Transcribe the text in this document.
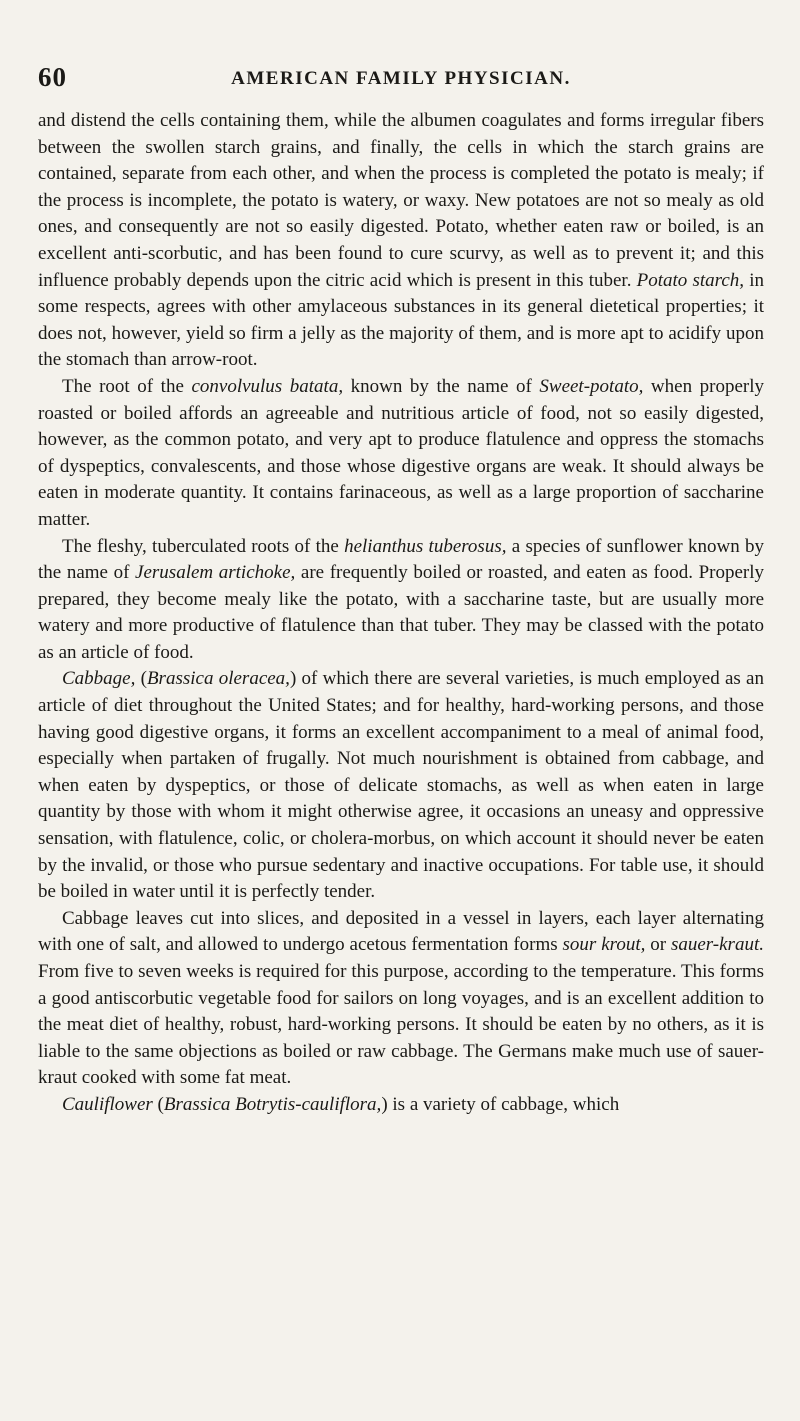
60	AMERICAN FAMILY PHYSICIAN.

and distend the cells containing them, while the albumen coagulates and forms irregular fibers between the swollen starch grains, and finally, the cells in which the starch grains are contained, separate from each other, and when the process is completed the potato is mealy; if the process is incomplete, the potato is watery, or waxy. New potatoes are not so mealy as old ones, and consequently are not so easily digested. Potato, whether eaten raw or boiled, is an excellent anti-scorbutic, and has been found to cure scurvy, as well as to prevent it; and this influence probably depends upon the citric acid which is present in this tuber. Potato starch, in some respects, agrees with other amylaceous substances in its general dietetical properties; it does not, however, yield so firm a jelly as the majority of them, and is more apt to acidify upon the stomach than arrow-root.

The root of the convolvulus batata, known by the name of Sweet-potato, when properly roasted or boiled affords an agreeable and nutritious article of food, not so easily digested, however, as the common potato, and very apt to produce flatulence and oppress the stomachs of dyspeptics, convalescents, and those whose digestive organs are weak. It should always be eaten in moderate quantity. It contains farinaceous, as well as a large proportion of saccharine matter.

The fleshy, tuberculated roots of the helianthus tuberosus, a species of sunflower known by the name of Jerusalem artichoke, are frequently boiled or roasted, and eaten as food. Properly prepared, they become mealy like the potato, with a saccharine taste, but are usually more watery and more productive of flatulence than that tuber. They may be classed with the potato as an article of food.

Cabbage, (Brassica oleracea,) of which there are several varieties, is much employed as an article of diet throughout the United States; and for healthy, hard-working persons, and those having good digestive organs, it forms an excellent accompaniment to a meal of animal food, especially when partaken of frugally. Not much nourishment is obtained from cabbage, and when eaten by dyspeptics, or those of delicate stomachs, as well as when eaten in large quantity by those with whom it might otherwise agree, it occasions an uneasy and oppressive sensation, with flatulence, colic, or cholera-morbus, on which account it should never be eaten by the invalid, or those who pursue sedentary and inactive occupations. For table use, it should be boiled in water until it is perfectly tender.

Cabbage leaves cut into slices, and deposited in a vessel in layers, each layer alternating with one of salt, and allowed to undergo acetous fermentation forms sour krout, or sauer-kraut. From five to seven weeks is required for this purpose, according to the temperature. This forms a good antiscorbutic vegetable food for sailors on long voyages, and is an excellent addition to the meat diet of healthy, robust, hard-working persons. It should be eaten by no others, as it is liable to the same objections as boiled or raw cabbage. The Germans make much use of sauer-kraut cooked with some fat meat.

Cauliflower (Brassica Botrytis-cauliflora,) is a variety of cabbage, which
